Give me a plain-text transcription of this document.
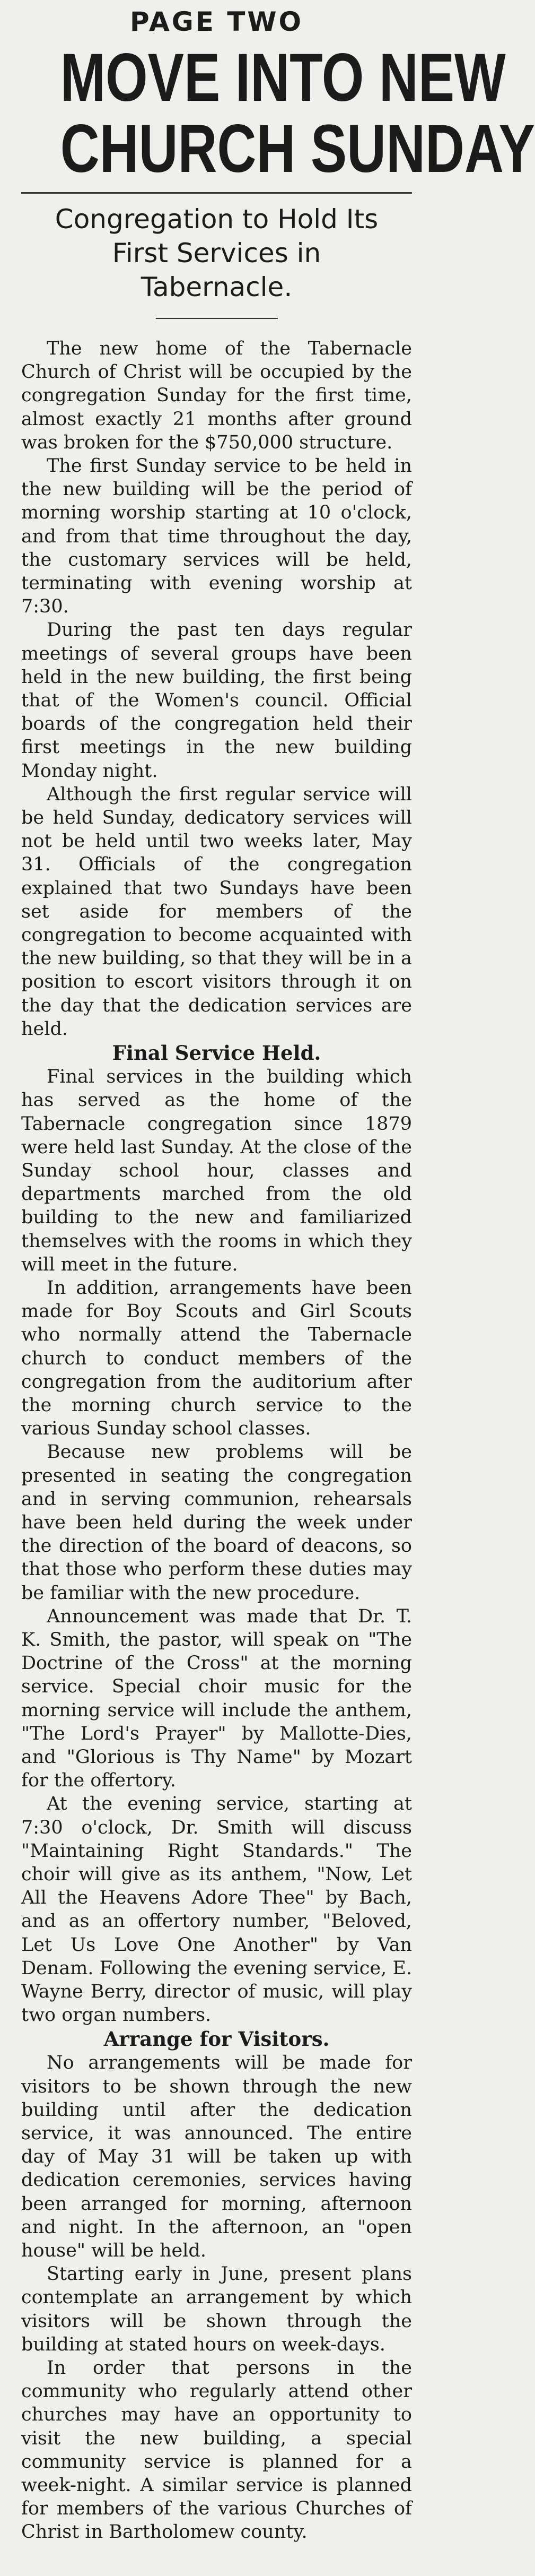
PAGE TWO
MOVE INTO NEW
CHURCH SUNDAY
Congregation to Hold Its First Services in Tabernacle.

The new home of the Tabernacle Church of Christ will be occupied by the congregation Sunday for the first time, almost exactly 21 months after ground was broken for the $750,000 structure.

The first Sunday service to be held in the new building will be the period of morning worship starting at 10 o'clock, and from that time throughout the day, the customary services will be held, terminating with evening worship at 7:30.

During the past ten days regular meetings of several groups have been held in the new building, the first being that of the Women's council. Official boards of the congregation held their first meetings in the new building Monday night.

Although the first regular service will be held Sunday, dedicatory services will not be held until two weeks later, May 31. Officials of the congregation explained that two Sundays have been set aside for members of the congregation to become acquainted with the new building, so that they will be in a position to escort visitors through it on the day that the dedication services are held.

Final Service Held.

Final services in the building which has served as the home of the Tabernacle congregation since 1879 were held last Sunday. At the close of the Sunday school hour, classes and departments marched from the old building to the new and familiarized themselves with the rooms in which they will meet in the future.

In addition, arrangements have been made for Boy Scouts and Girl Scouts who normally attend the Tabernacle church to conduct members of the congregation from the auditorium after the morning church service to the various Sunday school classes.

Because new problems will be presented in seating the congregation and in serving communion, rehearsals have been held during the week under the direction of the board of deacons, so that those who perform these duties may be familiar with the new procedure.

Announcement was made that Dr. T. K. Smith, the pastor, will speak on "The Doctrine of the Cross" at the morning service. Special choir music for the morning service will include the anthem, "The Lord's Prayer" by Mallotte-Dies, and "Glorious is Thy Name" by Mozart for the offertory.

At the evening service, starting at 7:30 o'clock, Dr. Smith will discuss "Maintaining Right Standards." The choir will give as its anthem, "Now, Let All the Heavens Adore Thee" by Bach, and as an offertory number, "Beloved, Let Us Love One Another" by Van Denam. Following the evening service, E. Wayne Berry, director of music, will play two organ numbers.

Arrange for Visitors.

No arrangements will be made for visitors to be shown through the new building until after the dedication service, it was announced. The entire day of May 31 will be taken up with dedication ceremonies, services having been arranged for morning, afternoon and night. In the afternoon, an "open house" will be held.

Starting early in June, present plans contemplate an arrangement by which visitors will be shown through the building at stated hours on week-days.

In order that persons in the community who regularly attend other churches may have an opportunity to visit the new building, a special community service is planned for a week-night. A similar service is planned for members of the various Churches of Christ in Bartholomew county.
